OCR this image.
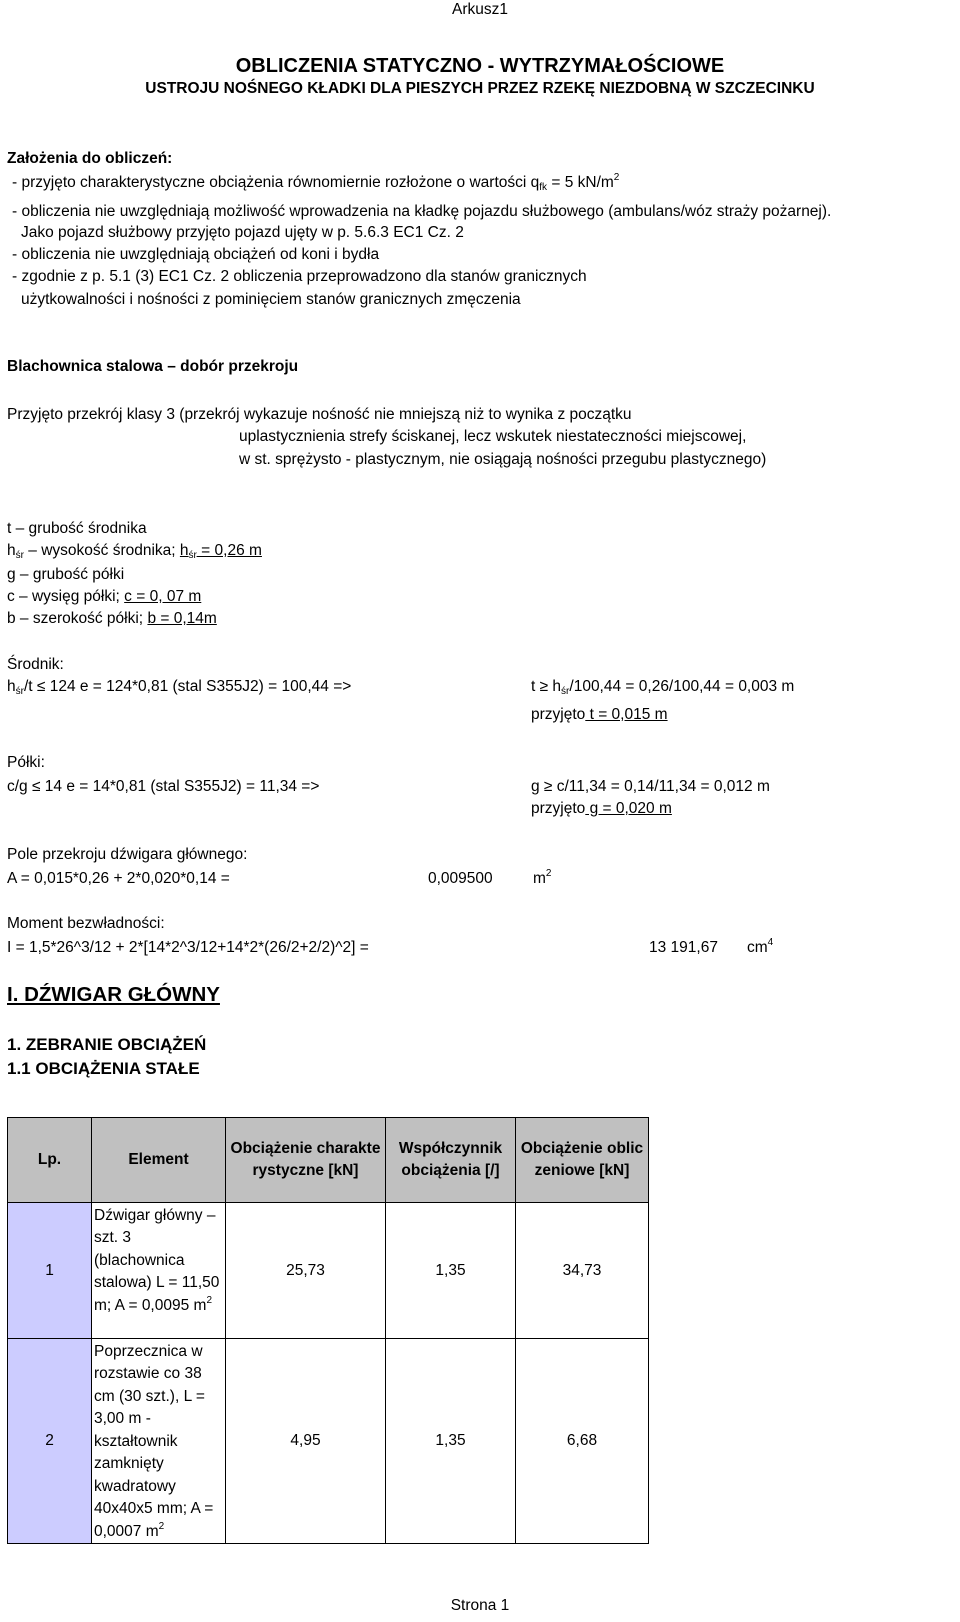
Arkusz1
Strona 1
OBLICZENIA STATYCZNO - WYTRZYMAŁOŚCIOWE
USTROJU NOŚNEGO KŁADKI DLA PIESZYCH PRZEZ RZEKĘ NIEZDOBNĄ W SZCZECINKU
Założenia do obliczeń:
- przyjęto charakterystyczne obciążenia równomiernie rozłożone o wartości $q_{fk} = 5$ $kN/m^2$
- obliczenia nie uwzględniają możliwość wprowadzenia na kładkę pojazdu służbowego (ambulans/wóz straży pożarnej).
Jako pojazd służbowy przyjęto pojazd ujęty w p. 5.6.3 EC1 Cz. 2
- obliczenia nie uwzględniają obciążeń od koni i bydła
- zgodnie z p. 5.1 (3) EC1 Cz. 2 obliczenia przeprowadzono dla stanów granicznych
użytkowalności i nośności z pominięciem stanów granicznych zmęczenia
Blachownica stalowa – dobór przekroju
Przyjęto przekrój klasy 3 (przekrój wykazuje nośność nie mniejszą niż to wynika z początku
uplastycznienia strefy ściskanej, lecz wskutek niestateczności miejscowej,
w st. sprężysto - plastycznym, nie osiągają nośności przegubu plastycznego)
t – grubość środnika
$h_{śr}$ – wysokość środnika; $h_{śr} = 0,26$ m
g – grubość półki
c – wysięg półki; c = 0, 07 m
b – szerokość półki; b = 0,14m
Środnik:
$h_{śr}/t \le 124$ e = 124*0,81 (stal S355J2) = 100,44 =>	$t \ge h_{śr}/100,44 = 0,26/100,44 = 0,003$ m
przyjęto t = 0,015 m
Półki:
c/g ≤ 14 e = 14*0,81 (stal S355J2) = 11,34 =>	g ≥ c/11,34 = 0,14/11,34 = 0,012 m
przyjęto g = 0,020 m
Pole przekroju dźwigara głównego:
A = 0,015*0,26 + 2*0,020*0,14 =	0,009500	$m^2$
Moment bezwładności:
I = 1,5*26^3/12 + 2*[14*2^3/12+14*2*(26/2+2/2)^2] =	13 191,67 $cm^4$
I. DŹWIGAR GŁÓWNY
1. ZEBRANIE OBCIĄŻEŃ
1.1 OBCIĄŻENIA STAŁE
Lp.	Element	Obciążenie charakterystyczne [kN]	Współczynnik obciążenia [/]	Obciążenie obliczeniowe [kN]
1	Dźwigar główny – szt. 3 (blachownica stalowa) L = 11,50 m; A = 0,0095 $m^2$	25,73	1,35	34,73
2	Poprzecznica w rozstawie co 38 cm (30 szt.), L = 3,00 m - kształtownik zamknięty kwadratowy 40x40x5 mm; A = 0,0007 $m^2$	4,95	1,35	6,68
